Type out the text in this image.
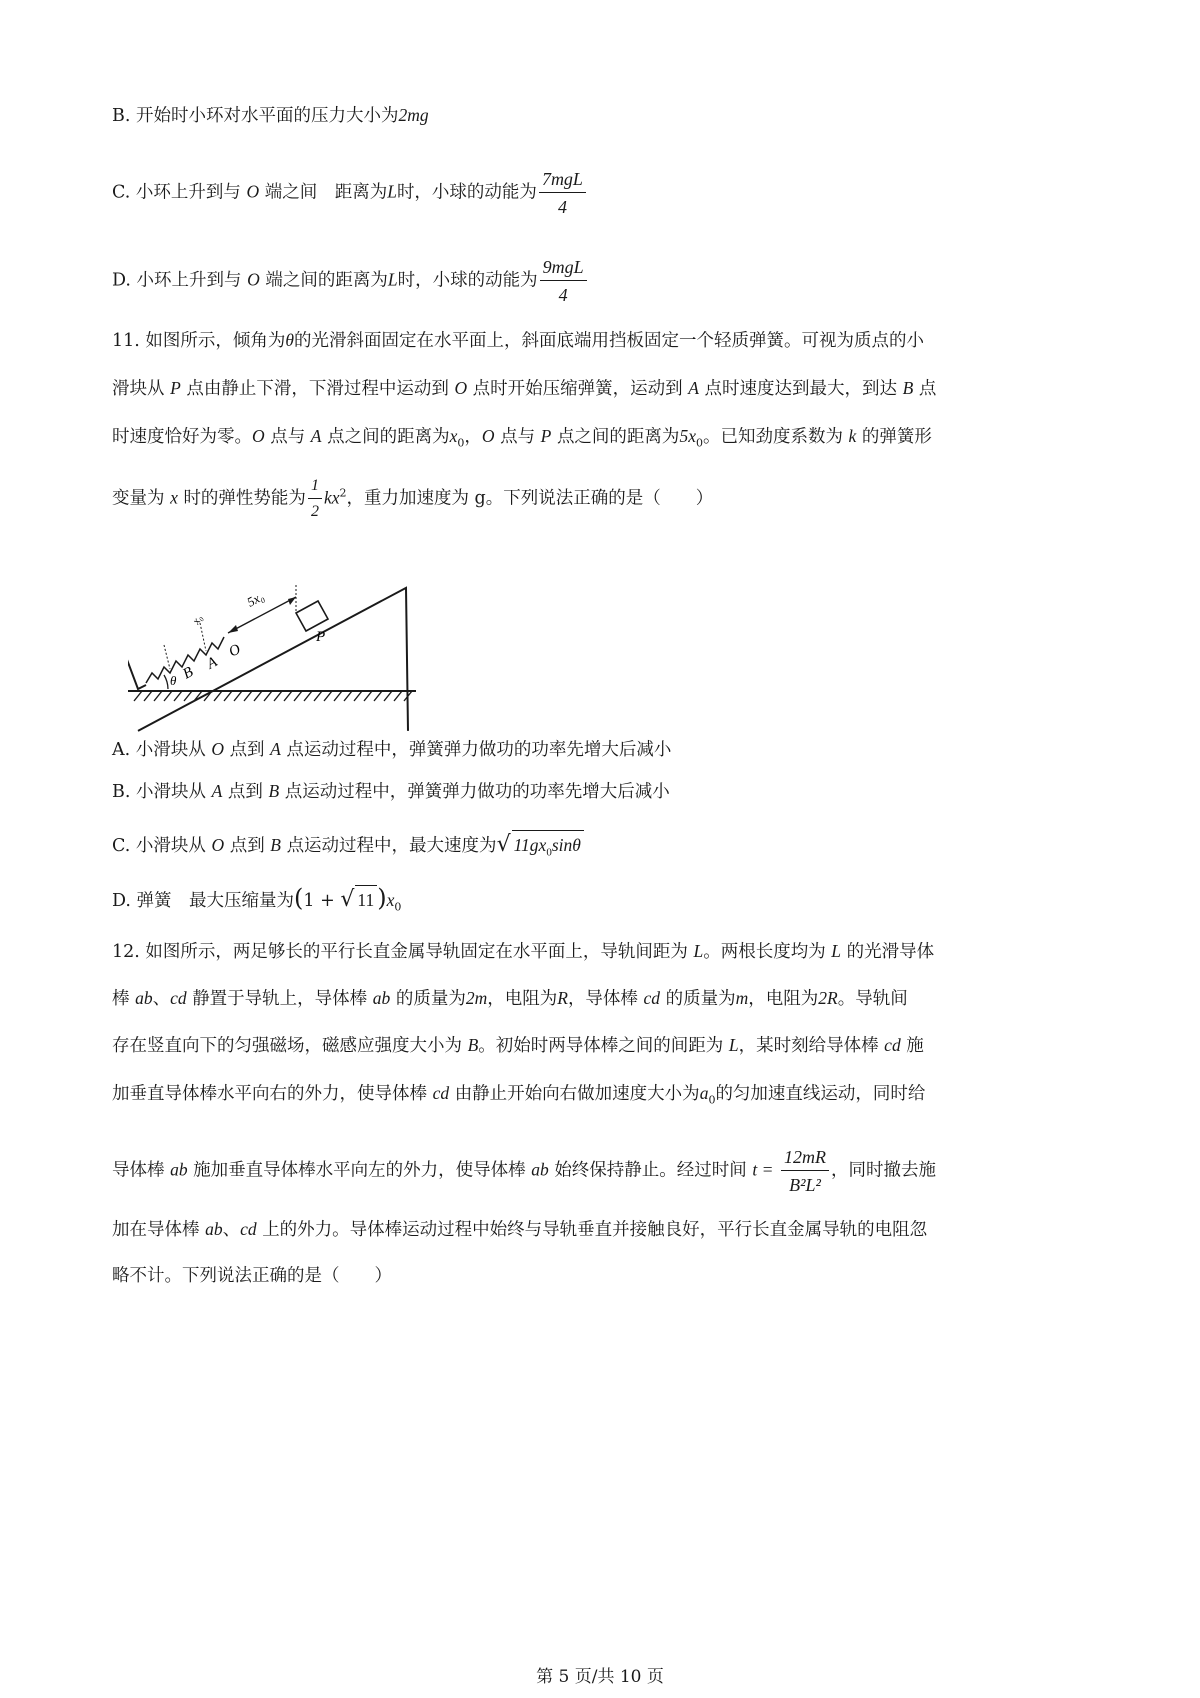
B. 开始时小环对水平面的压力大小为2mg
C. 小环上升到与 O 端之间　距离为L时，小球的动能为 $\frac{\text{7mgL}}{4}$
D. 小环上升到与 O 端之间的距离为L时，小球的动能为 $\frac{\text{9mgL}}{4}$
11. 如图所示，倾角为θ的光滑斜面固定在水平面上，斜面底端用挡板固定一个轻质弹簧。可视为质点的小
滑块从 P 点由静止下滑，下滑过程中运动到 O 点时开始压缩弹簧，运动到 A 点时速度达到最大，到达 B 点
时速度恰好为零。O 点与 A 点之间的距离为$x_0$，O 点与 P 点之间的距离为$5x_0$。已知劲度系数为 k 的弹簧形
变量为 x 时的弹性势能为 $\frac{1}{2} kx^2$，重力加速度为 g。下列说法正确的是（　　）
5x₀
x₀
P
O
A
B
θ
A. 小滑块从 O 点到 A 点运动过程中，弹簧弹力做功的功率先增大后减小
B. 小滑块从 A 点到 B 点运动过程中，弹簧弹力做功的功率先增大后减小
C. 小滑块从 O 点到 B 点运动过程中，最大速度为√ $11gx_0\sin\theta$
D. 弹簧　最大压缩量为(1 + √ 11 )$x_0$
12. 如图所示，两足够长的平行长直金属导轨固定在水平面上，导轨间距为 L。两根长度均为 L 的光滑导体
棒 ab、cd 静置于导轨上，导体棒 ab 的质量为2m，电阻为R，导体棒 cd 的质量为m，电阻为2R。导轨间
存在竖直向下的匀强磁场，磁感应强度大小为 B。初始时两导体棒之间的间距为 L，某时刻给导体棒 cd 施
加垂直导体棒水平向右的外力，使导体棒 cd 由静止开始向右做加速度大小为$a_0$的匀加速直线运动，同时给
导体棒 ab 施加垂直导体棒水平向左的外力，使导体棒 ab 始终保持静止。经过时间 $t = \frac{12mR}{\text{B²L²}}$ ，同时撤去施
加在导体棒 ab、cd 上的外力。导体棒运动过程中始终与导轨垂直并接触良好，平行长直金属导轨的电阻忽
略不计。下列说法正确的是（　　）
第 5 页/共 10 页
